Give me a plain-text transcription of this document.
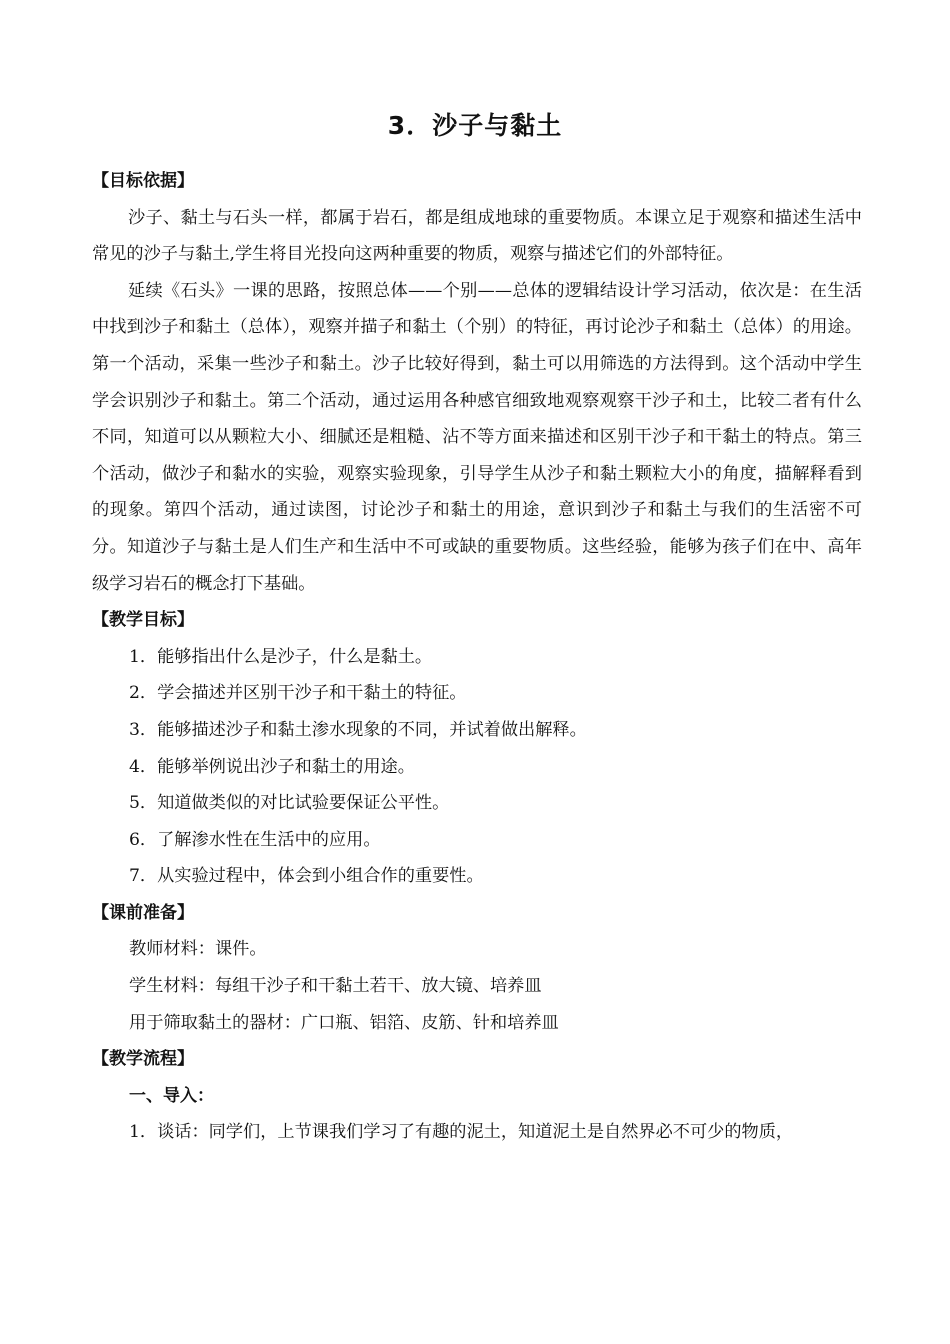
3．沙子与黏土
【目标依据】

沙子、黏土与石头一样，都属于岩石，都是组成地球的重要物质。本课立足于观察和描述生活中常见的沙子与黏土,学生将目光投向这两种重要的物质，观察与描述它们的外部特征。

延续《石头》一课的思路，按照总体——个别——总体的逻辑结设计学习活动，依次是：在生活中找到沙子和黏土（总体），观察并描子和黏土（个别）的特征，再讨论沙子和黏土（总体）的用途。第一个活动，采集一些沙子和黏土。沙子比较好得到，黏土可以用筛选的方法得到。这个活动中学生学会识别沙子和黏土。第二个活动，通过运用各种感官细致地观察观察干沙子和土，比较二者有什么不同，知道可以从颗粒大小、细腻还是粗糙、沾不等方面来描述和区别干沙子和干黏土的特点。第三个活动，做沙子和黏水的实验，观察实验现象，引导学生从沙子和黏土颗粒大小的角度，描解释看到的现象。第四个活动，通过读图，讨论沙子和黏土的用途，意识到沙子和黏土与我们的生活密不可分。知道沙子与黏土是人们生产和生活中不可或缺的重要物质。这些经验，能够为孩子们在中、高年级学习岩石的概念打下基础。

【教学目标】

1．能够指出什么是沙子，什么是黏土。

2．学会描述并区别干沙子和干黏土的特征。

3．能够描述沙子和黏土渗水现象的不同，并试着做出解释。

4．能够举例说出沙子和黏土的用途。

5．知道做类似的对比试验要保证公平性。

6．了解渗水性在生活中的应用。

7．从实验过程中，体会到小组合作的重要性。

【课前准备】

教师材料：课件。

学生材料：每组干沙子和干黏土若干、放大镜、培养皿

用于筛取黏土的器材：广口瓶、铝箔、皮筋、针和培养皿

【教学流程】

一、导入：

1．谈话：同学们，上节课我们学习了有趣的泥土，知道泥土是自然界必不可少的物质，
